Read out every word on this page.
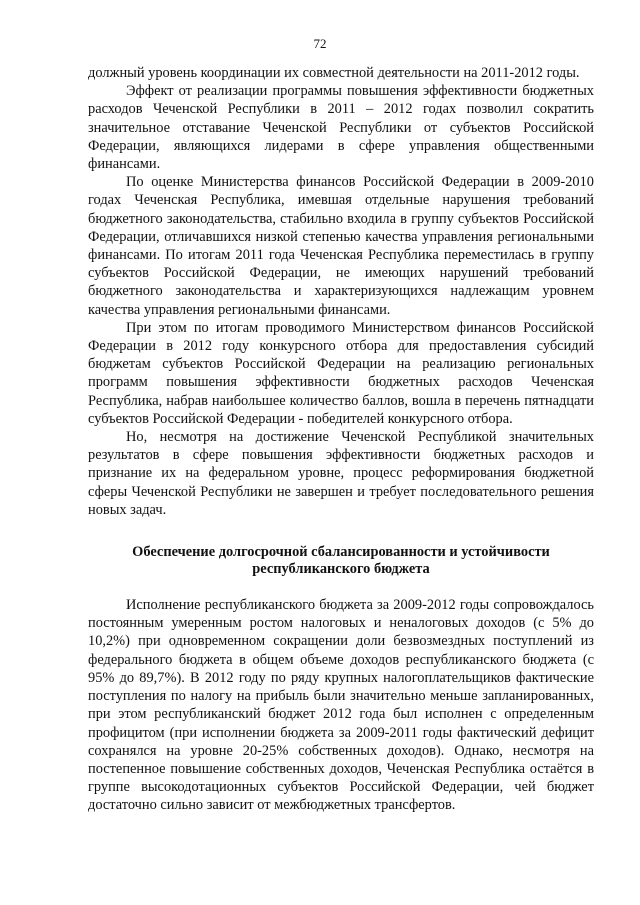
72

должный уровень координации их совместной деятельности на 2011-2012 годы.

Эффект от реализации программы повышения эффективности бюджетных расходов Чеченской Республики в 2011 – 2012 годах позволил сократить значительное отставание Чеченской Республики от субъектов Российской Федерации, являющихся лидерами в сфере управления общественными финансами.

По оценке Министерства финансов Российской Федерации в 2009-2010 годах Чеченская Республика, имевшая отдельные нарушения требований бюджетного законодательства, стабильно входила в группу субъектов Российской Федерации, отличавшихся низкой степенью качества управления региональными финансами. По итогам 2011 года Чеченская Республика переместилась в группу субъектов Российской Федерации, не имеющих нарушений требований бюджетного законодательства и характеризующихся надлежащим уровнем качества управления региональными финансами.

При этом по итогам проводимого Министерством финансов Российской Федерации в 2012 году конкурсного отбора для предоставления субсидий бюджетам субъектов Российской Федерации на реализацию региональных программ повышения эффективности бюджетных расходов Чеченская Республика, набрав наибольшее количество баллов, вошла в перечень пятнадцати субъектов Российской Федерации - победителей конкурсного отбора.

Но, несмотря на достижение Чеченской Республикой значительных результатов в сфере повышения эффективности бюджетных расходов и признание их на федеральном уровне, процесс реформирования бюджетной сферы Чеченской Республики не завершен и требует последовательного решения новых задач.

Обеспечение долгосрочной сбалансированности и устойчивости республиканского бюджета

Исполнение республиканского бюджета за 2009-2012 годы сопровождалось постоянным умеренным ростом налоговых и неналоговых доходов (с 5% до 10,2%) при одновременном сокращении доли безвозмездных поступлений из федерального бюджета в общем объеме доходов республиканского бюджета (с 95% до 89,7%). В 2012 году по ряду крупных налогоплательщиков фактические поступления по налогу на прибыль были значительно меньше запланированных, при этом республиканский бюджет 2012 года был исполнен с определенным профицитом (при исполнении бюджета за 2009-2011 годы фактический дефицит сохранялся на уровне 20-25% собственных доходов). Однако, несмотря на постепенное повышение собственных доходов, Чеченская Республика остаётся в группе высокодотационных субъектов Российской Федерации, чей бюджет достаточно сильно зависит от межбюджетных трансфертов.
